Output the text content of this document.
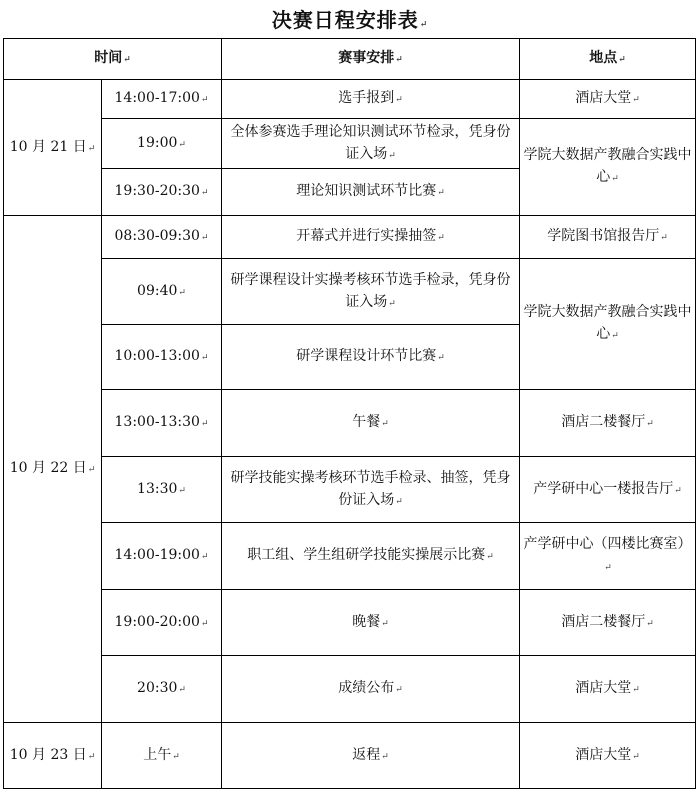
决赛日程安排表↵
时间↵		赛事安排↵	地点↵
10 月 21 日↵	14:00-17:00↵	选手报到↵	酒店大堂↵
	19:00↵	全体参赛选手理论知识测试环节检录，凭身份证入场↵	学院大数据产教融合实践中心↵
	19:30-20:30↵	理论知识测试环节比赛↵	
10 月 22 日↵	08:30-09:30↵	开幕式并进行实操抽签↵	学院图书馆报告厅↵
	09:40↵	研学课程设计实操考核环节选手检录，凭身份证入场↵	学院大数据产教融合实践中心↵
	10:00-13:00↵	研学课程设计环节比赛↵	
	13:00-13:30↵	午餐↵	酒店二楼餐厅↵
	13:30↵	研学技能实操考核环节选手检录、抽签，凭身份证入场↵	产学研中心一楼报告厅↵
	14:00-19:00↵	职工组、学生组研学技能实操展示比赛↵	产学研中心（四楼比赛室）↵
	19:00-20:00↵	晚餐↵	酒店二楼餐厅↵
	20:30↵	成绩公布↵	酒店大堂↵
10 月 23 日↵	上午↵	返程↵	酒店大堂↵
